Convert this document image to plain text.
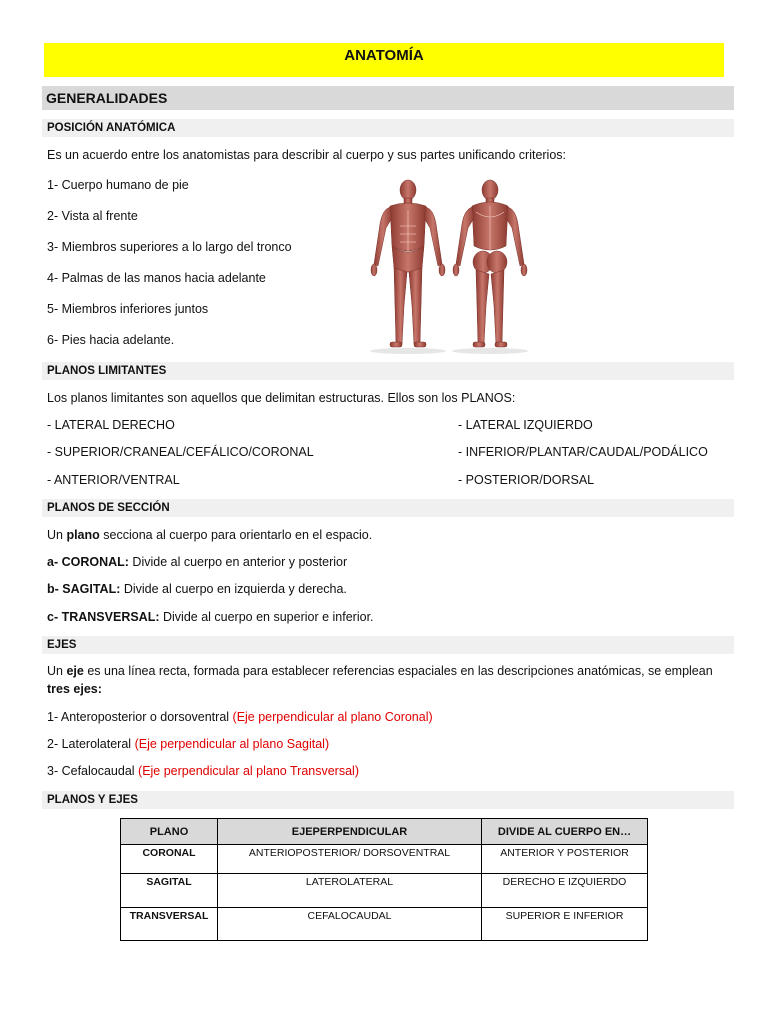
ANATOMÍA
GENERALIDADES
POSICIÓN ANATÓMICA
Es un acuerdo entre los anatomistas para describir al cuerpo y sus partes unificando criterios:
1- Cuerpo humano de pie
2- Vista al frente
3- Miembros superiores a lo largo del tronco
4- Palmas de las manos hacia adelante
5- Miembros inferiores juntos
6- Pies hacia adelante.
PLANOS LIMITANTES
Los planos limitantes son aquellos que delimitan estructuras. Ellos son los PLANOS:
- LATERAL DERECHO
- SUPERIOR/CRANEAL/CEFÁLICO/CORONAL
- ANTERIOR/VENTRAL
- LATERAL IZQUIERDO
- INFERIOR/PLANTAR/CAUDAL/PODÁLICO
- POSTERIOR/DORSAL
PLANOS DE SECCIÓN
Un plano secciona al cuerpo para orientarlo en el espacio.
a- CORONAL: Divide al cuerpo en anterior y posterior
b- SAGITAL: Divide al cuerpo en izquierda y derecha.
c- TRANSVERSAL: Divide al cuerpo en superior e inferior.
EJES
Un eje es una línea recta, formada para establecer referencias espaciales en las descripciones anatómicas, se emplean
tres ejes:
1- Anteroposterior o dorsoventral (Eje perpendicular al plano Coronal)
2- Laterolateral (Eje perpendicular al plano Sagital)
3- Cefalocaudal (Eje perpendicular al plano Transversal)
PLANOS Y EJES
PLANO	EJEPERPENDICULAR	DIVIDE AL CUERPO EN…
CORONAL	ANTERIOPOSTERIOR/ DORSOVENTRAL	ANTERIOR Y POSTERIOR
SAGITAL	LATEROLATERAL	DERECHO E IZQUIERDO
TRANSVERSAL	CEFALOCAUDAL	SUPERIOR E INFERIOR
